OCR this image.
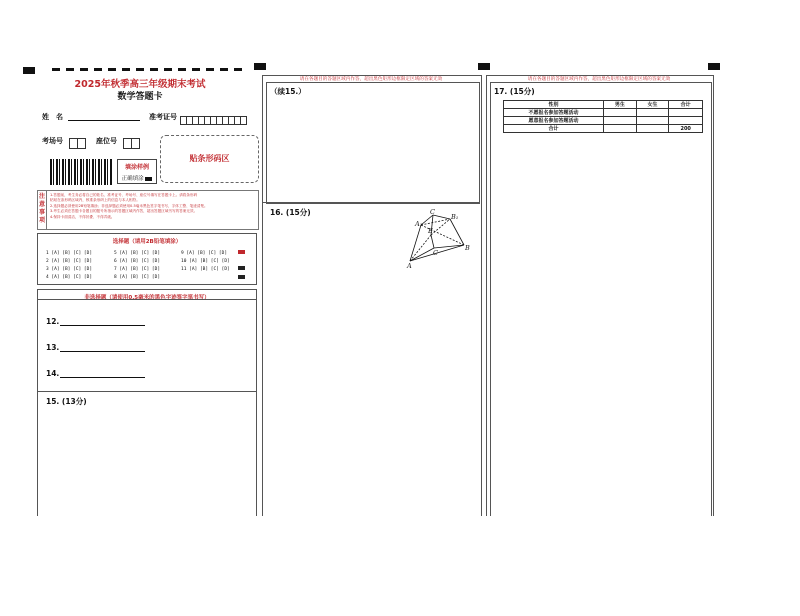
2025年秋季高三年级期末考试
数学答题卡
姓　名	准考证号
考场号	座位号
贴条形码区
填涂样例
正确填涂
注意事项
1.答题前，考生务必将自己的姓名、准考证号、考场号、座位号填写在答题卡上。请将条形码
粘贴在条形码区域内，核准条形码上的信息与本人相符。
2.选择题必须使用2B铅笔填涂；非选择题必须使用0.5毫米黑色签字笔书写，字体工整、笔迹清楚。
3.考生必须在答题卡各题目的题号所指示的答题区域内作答，超出答题区域书写的答案无效。
4.保持卡面清洁，不得折叠、不得弄破。
选择题（请用2B铅笔填涂）
1 [A] [B] [C] [D]
2 [A] [B] [C] [D]
3 [A] [B] [C] [D]
4 [A] [B] [C] [D]
5 [A] [B] [C] [D]
6 [A] [B] [C] [D]
7 [A] [B] [C] [D]
8 [A] [B] [C] [D]
9 [A] [B] [C] [D]
10 [A] [B] [C] [D]
11 [A] [B] [C] [D]
非选择题（请使用0.5毫米的黑色字迹签字笔书写）
12.
13.
14.
15. (13分)
请在各题目的答题区域内作答，超出黑色矩形边框限定区域的答案无效
（续15.）
16. (15分)	C
B₁
A₁
E
B
C
A
请在各题目的答题区域内作答，超出黑色矩形边框限定区域的答案无效
17. (15分)
性别	男生	女生	合计
不愿报名参加答题活动			
愿意报名参加答题活动			
合计			200
